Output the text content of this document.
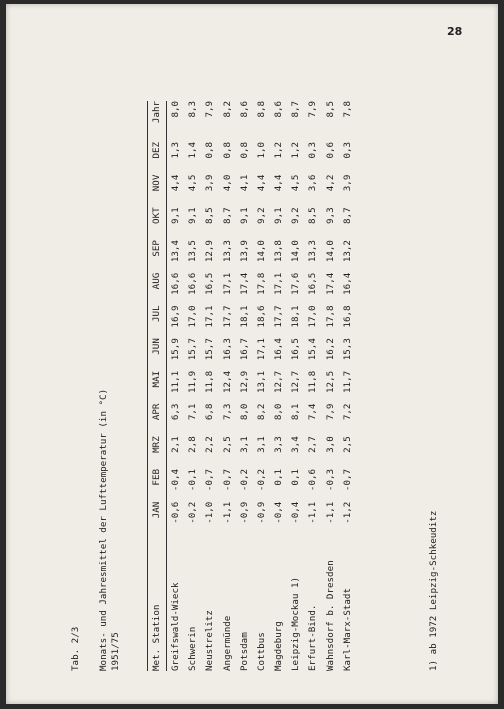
28
Tab. 2/3 Monats- und Jahresmittel der Lufttemperatur (in °C) 1951/75	Met. Station
JAN
FEB
MRZ
APR
MAI
JUN
JUL
AUG
SEP
OKT
NOV
DEZ
Jahr
Greifswald-Wieck
-0,6
-0,4
2,1
6,3
11,1
15,9
16,9
16,6
13,4
9,1
4,4
1,3
8,0
Schwerin
-0,2
-0,1
2,8
7,1
11,9
15,7
17,0
16,6
13,5
9,1
4,5
1,4
8,3
Neustrelitz
-1,0
-0,7
2,2
6,8
11,8
15,7
17,1
16,5
12,9
8,5
3,9
0,8
7,9
Angermünde
-1,1
-0,7
2,5
7,3
12,4
16,3
17,7
17,1
13,3
8,7
4,0
0,8
8,2
Potsdam
-0,9
-0,2
3,1
8,0
12,9
16,7
18,1
17,4
13,9
9,1
4,1
0,8
8,6
Cottbus
-0,9
-0,2
3,1
8,2
13,1
17,1
18,6
17,8
14,0
9,2
4,4
1,0
8,8
Magdeburg
-0,4
0,1
3,3
8,0
12,7
16,4
17,7
17,1
13,8
9,1
4,4
1,2
8,6
Leipzig-Mockau 1)
-0,4
0,1
3,4
8,1
12,7
16,5
18,1
17,6
14,0
9,2
4,5
1,2
8,7
Erfurt-Bind.
-1,1
-0,6
2,7
7,4
11,8
15,4
17,0
16,5
13,3
8,5
3,6
0,3
7,9
Wahnsdorf b. Dresden
-1,1
-0,3
3,0
7,9
12,5
16,2
17,8
17,4
14,0
9,3
4,2
0,6
8,5
Karl-Marx-Stadt
-1,2
-0,7
2,5
7,2
11,7
15,3
16,8
16,4
13,2
8,7
3,9
0,3
7,8
1) ab 1972 Leipzig-Schkeuditz
